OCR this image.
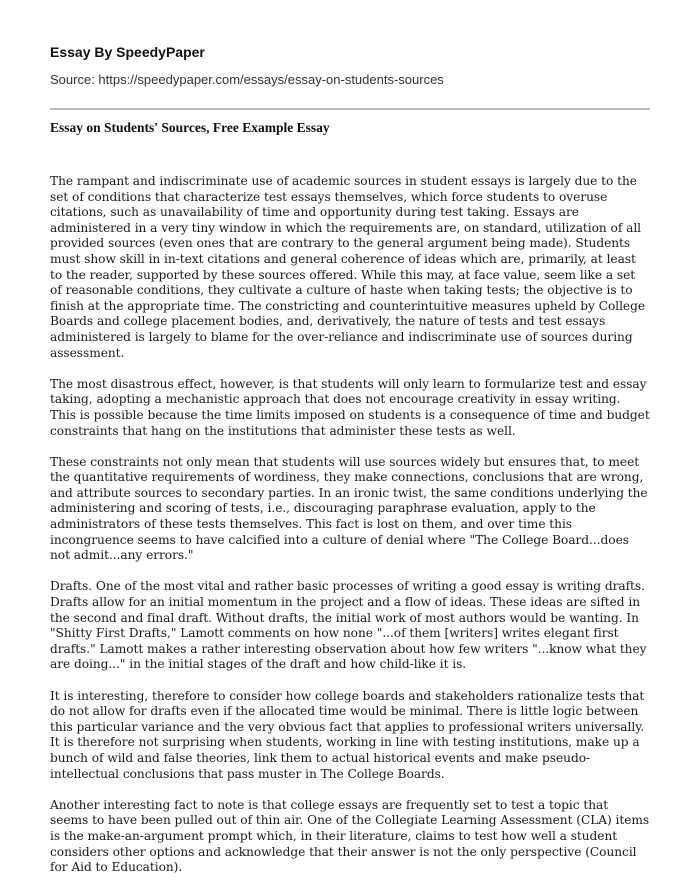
Essay By SpeedyPaper
Source: https://speedypaper.com/essays/essay-on-students-sources
Essay on Students' Sources, Free Example Essay

The rampant and indiscriminate use of academic sources in student essays is largely due to the set of conditions that characterize test essays themselves, which force students to overuse citations, such as unavailability of time and opportunity during test taking. Essays are administered in a very tiny window in which the requirements are, on standard, utilization of all provided sources (even ones that are contrary to the general argument being made). Students must show skill in in-text citations and general coherence of ideas which are, primarily, at least to the reader, supported by these sources offered. While this may, at face value, seem like a set of reasonable conditions, they cultivate a culture of haste when taking tests; the objective is to finish at the appropriate time. The constricting and counterintuitive measures upheld by College Boards and college placement bodies, and, derivatively, the nature of tests and test essays administered is largely to blame for the over-reliance and indiscriminate use of sources during assessment.

The most disastrous effect, however, is that students will only learn to formularize test and essay taking, adopting a mechanistic approach that does not encourage creativity in essay writing. This is possible because the time limits imposed on students is a consequence of time and budget constraints that hang on the institutions that administer these tests as well.

These constraints not only mean that students will use sources widely but ensures that, to meet the quantitative requirements of wordiness, they make connections, conclusions that are wrong, and attribute sources to secondary parties. In an ironic twist, the same conditions underlying the administering and scoring of tests, i.e., discouraging paraphrase evaluation, apply to the administrators of these tests themselves. This fact is lost on them, and over time this incongruence seems to have calcified into a culture of denial where "The College Board...does not admit...any errors."

Drafts. One of the most vital and rather basic processes of writing a good essay is writing drafts. Drafts allow for an initial momentum in the project and a flow of ideas. These ideas are sifted in the second and final draft. Without drafts, the initial work of most authors would be wanting. In "Shitty First Drafts," Lamott comments on how none "...of them [writers] writes elegant first drafts." Lamott makes a rather interesting observation about how few writers "...know what they are doing..." in the initial stages of the draft and how child-like it is.

It is interesting, therefore to consider how college boards and stakeholders rationalize tests that do not allow for drafts even if the allocated time would be minimal. There is little logic between this particular variance and the very obvious fact that applies to professional writers universally. It is therefore not surprising when students, working in line with testing institutions, make up a bunch of wild and false theories, link them to actual historical events and make pseudo-intellectual conclusions that pass muster in The College Boards.

Another interesting fact to note is that college essays are frequently set to test a topic that seems to have been pulled out of thin air. One of the Collegiate Learning Assessment (CLA) items is the make-an-argument prompt which, in their literature, claims to test how well a student considers other options and acknowledge that their answer is not the only perspective (Council for Aid to Education).
